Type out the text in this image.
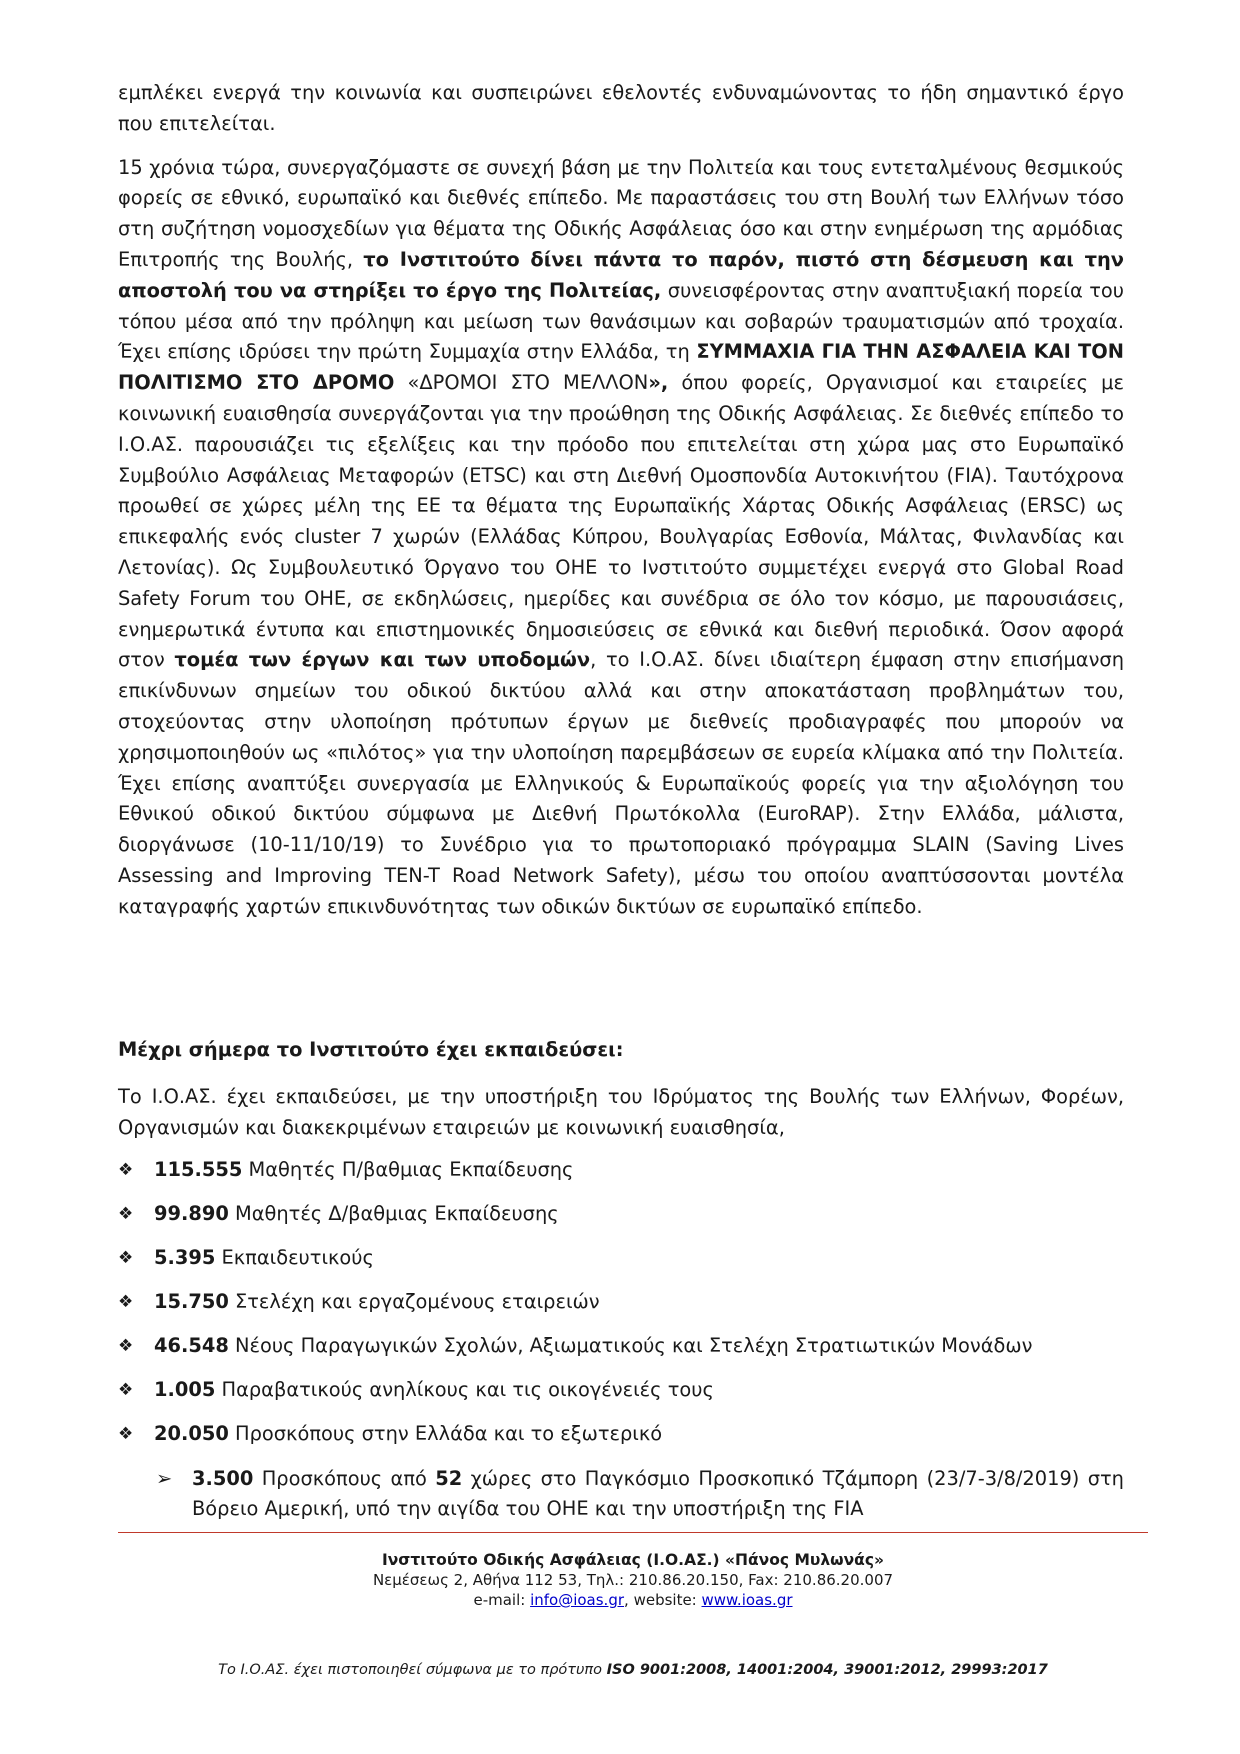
εμπλέκει ενεργά την κοινωνία και συσπειρώνει εθελοντές ενδυναμώνοντας το ήδη σημαντικό έργο που επιτελείται.

15 χρόνια τώρα, συνεργαζόμαστε σε συνεχή βάση με την Πολιτεία και τους εντεταλμένους θεσμικούς φορείς σε εθνικό, ευρωπαϊκό και διεθνές επίπεδο. Με παραστάσεις του στη Βουλή των Ελλήνων τόσο στη συζήτηση νομοσχεδίων για θέματα της Οδικής Ασφάλειας όσο και στην ενημέρωση της αρμόδιας Επιτροπής της Βουλής, το Ινστιτούτο δίνει πάντα το παρόν, πιστό στη δέσμευση και την αποστολή του να στηρίξει το έργο της Πολιτείας, συνεισφέροντας στην αναπτυξιακή πορεία του τόπου μέσα από την πρόληψη και μείωση των θανάσιμων και σοβαρών τραυματισμών από τροχαία. Έχει επίσης ιδρύσει την πρώτη Συμμαχία στην Ελλάδα, τη ΣΥΜΜΑΧΙΑ ΓΙΑ ΤΗΝ ΑΣΦΑΛΕΙΑ ΚΑΙ ΤΟΝ ΠΟΛΙΤΙΣΜΟ ΣΤΟ ΔΡΟΜΟ «ΔΡΟΜΟΙ ΣΤΟ ΜΕΛΛΟΝ», όπου φορείς, Οργανισμοί και εταιρείες με κοινωνική ευαισθησία συνεργάζονται για την προώθηση της Οδικής Ασφάλειας. Σε διεθνές επίπεδο το Ι.Ο.ΑΣ. παρουσιάζει τις εξελίξεις και την πρόοδο που επιτελείται στη χώρα μας στο Ευρωπαϊκό Συμβούλιο Ασφάλειας Μεταφορών (ETSC) και στη Διεθνή Ομοσπονδία Αυτοκινήτου (FIA). Ταυτόχρονα προωθεί σε χώρες μέλη της ΕΕ τα θέματα της Ευρωπαϊκής Χάρτας Οδικής Ασφάλειας (ERSC) ως επικεφαλής ενός cluster 7 χωρών (Ελλάδας Κύπρου, Βουλγαρίας Εσθονία, Μάλτας, Φινλανδίας και Λετονίας). Ως Συμβουλευτικό Όργανο του ΟΗΕ το Ινστιτούτο συμμετέχει ενεργά στο Global Road Safety Forum του ΟΗΕ, σε εκδηλώσεις, ημερίδες και συνέδρια σε όλο τον κόσμο, με παρουσιάσεις, ενημερωτικά έντυπα και επιστημονικές δημοσιεύσεις σε εθνικά και διεθνή περιοδικά. Όσον αφορά στον τομέα των έργων και των υποδομών, το Ι.Ο.ΑΣ. δίνει ιδιαίτερη έμφαση στην επισήμανση επικίνδυνων σημείων του οδικού δικτύου αλλά και στην αποκατάσταση προβλημάτων του, στοχεύοντας στην υλοποίηση πρότυπων έργων με διεθνείς προδιαγραφές που μπορούν να χρησιμοποιηθούν ως «πιλότος» για την υλοποίηση παρεμβάσεων σε ευρεία κλίμακα από την Πολιτεία. Έχει επίσης αναπτύξει συνεργασία με Ελληνικούς & Ευρωπαϊκούς φορείς για την αξιολόγηση του Εθνικού οδικού δικτύου σύμφωνα με Διεθνή Πρωτόκολλα (EuroRAP). Στην Ελλάδα, μάλιστα, διοργάνωσε (10-11/10/19) το Συνέδριο για το πρωτοποριακό πρόγραμμα SLAIN (Saving Lives Assessing and Improving TEN-T Road Network Safety), μέσω του οποίου αναπτύσσονται μοντέλα καταγραφής χαρτών επικινδυνότητας των οδικών δικτύων σε ευρωπαϊκό επίπεδο.

Μέχρι σήμερα το Ινστιτούτο έχει εκπαιδεύσει:
Το Ι.Ο.ΑΣ. έχει εκπαιδεύσει, με την υποστήριξη του Ιδρύματος της Βουλής των Ελλήνων, Φορέων, Οργανισμών και διακεκριμένων εταιρειών με κοινωνική ευαισθησία,
❖ 115.555 Μαθητές Π/βαθμιας Εκπαίδευσης
❖ 99.890 Μαθητές Δ/βαθμιας Εκπαίδευσης
❖ 5.395 Εκπαιδευτικούς
❖ 15.750 Στελέχη και εργαζομένους εταιρειών
❖ 46.548 Νέους Παραγωγικών Σχολών, Αξιωματικούς και Στελέχη Στρατιωτικών Μονάδων
❖ 1.005 Παραβατικούς ανηλίκους και τις οικογένειές τους
❖ 20.050 Προσκόπους στην Ελλάδα και το εξωτερικό
➢ 3.500 Προσκόπους από 52 χώρες στο Παγκόσμιο Προσκοπικό Τζάμπορη (23/7-3/8/2019) στη Βόρειο Αμερική, υπό την αιγίδα του ΟΗΕ και την υποστήριξη της FIA
Ινστιτούτο Οδικής Ασφάλειας (Ι.Ο.ΑΣ.) «Πάνος Μυλωνάς»
Νεμέσεως 2, Αθήνα 112 53, Τηλ.: 210.86.20.150, Fax: 210.86.20.007
e-mail: info@ioas.gr, website: www.ioas.gr
Το Ι.Ο.ΑΣ. έχει πιστοποιηθεί σύμφωνα με το πρότυπο ISO 9001:2008, 14001:2004, 39001:2012, 29993:2017
